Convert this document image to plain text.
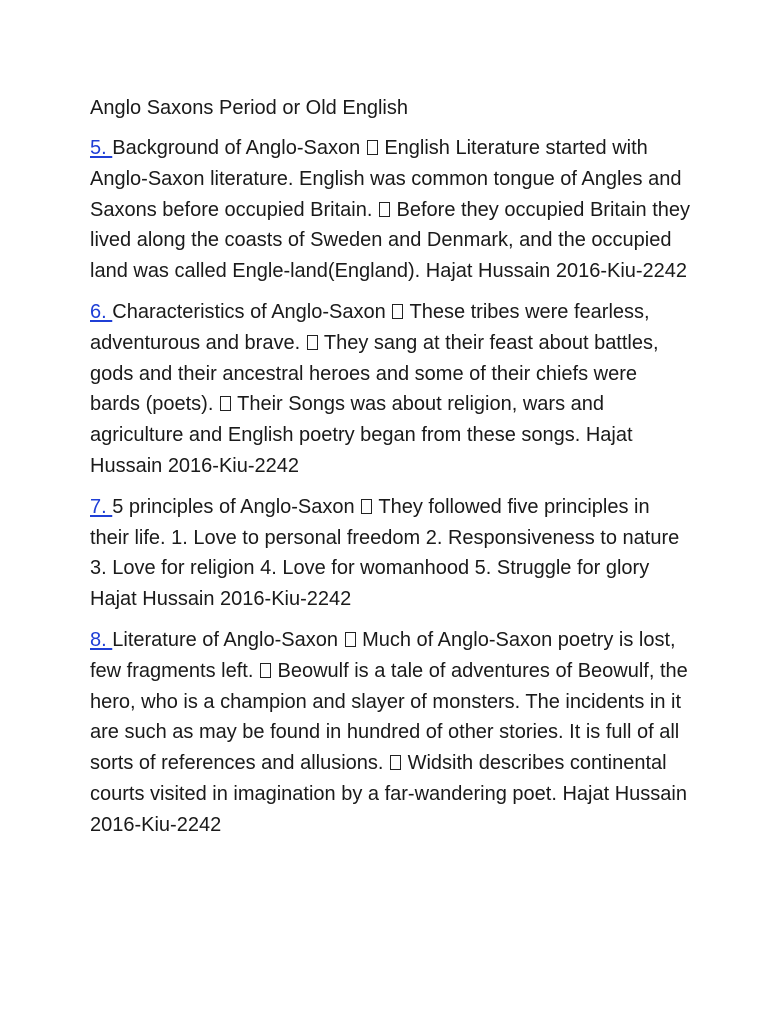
Anglo Saxons Period or Old English

5. Background of Anglo-Saxon  English Literature started with Anglo-Saxon literature. English was common tongue of Angles and Saxons before occupied Britain.  Before they occupied Britain they lived along the coasts of Sweden and Denmark, and the occupied land was called Engle-land(England). Hajat Hussain 2016-Kiu-2242

6. Characteristics of Anglo-Saxon  These tribes were fearless, adventurous and brave.  They sang at their feast about battles, gods and their ancestral heroes and some of their chiefs were bards (poets).  Their Songs was about religion, wars and agriculture and English poetry began from these songs. Hajat Hussain 2016-Kiu-2242

7. 5 principles of Anglo-Saxon  They followed five principles in their life. 1. Love to personal freedom 2. Responsiveness to nature 3. Love for religion 4. Love for womanhood 5. Struggle for glory Hajat Hussain 2016-Kiu-2242

8. Literature of Anglo-Saxon  Much of Anglo-Saxon poetry is lost, few fragments left.  Beowulf is a tale of adventures of Beowulf, the hero, who is a champion and slayer of monsters. The incidents in it are such as may be found in hundred of other stories. It is full of all sorts of references and allusions.  Widsith describes continental courts visited in imagination by a far-wandering poet. Hajat Hussain 2016-Kiu-2242
